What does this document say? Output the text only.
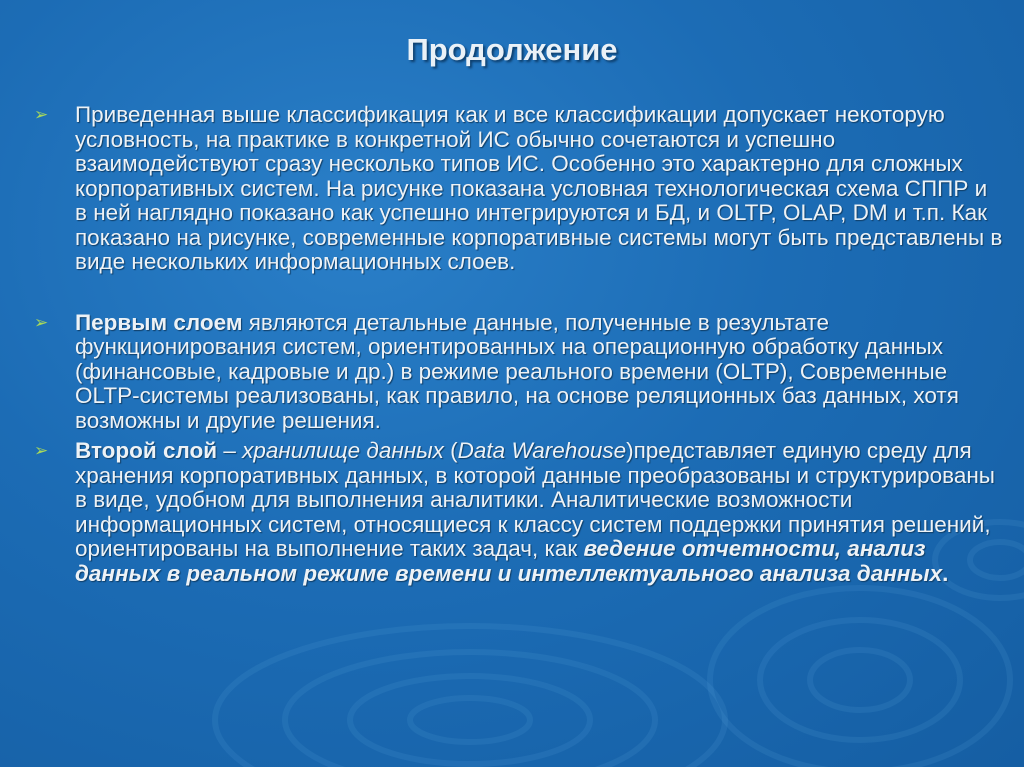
Продолжение
➢ Приведенная выше классификация как и все классификации допускает некоторую условность, на практике в конкретной ИС обычно сочетаются и успешно взаимодействуют сразу несколько типов ИС. Особенно это характерно для сложных корпоративных систем. На рисунке показана условная технологическая схема СППР и в ней наглядно показано как успешно интегрируются и БД, и OLTP, OLAP, DM и т.п. Как показано на рисунке, современные корпоративные системы могут быть представлены в виде нескольких информационных слоев.
➢ Первым слоем являются детальные данные, полученные в результате функционирования систем, ориентированных на операционную обработку данных (финансовые, кадровые и др.) в режиме реального времени (OLTP), Современные OLTP-системы реализованы, как правило, на основе реляционных баз данных, хотя возможны и другие решения.
➢ Второй слой – хранилище данных (Data Warehouse)представляет единую среду для хранения корпоративных данных, в которой данные преобразованы и структурированы в виде, удобном для выполнения аналитики. Аналитические возможности информационных систем, относящиеся к классу систем поддержки принятия решений, ориентированы на выполнение таких задач, как ведение отчетности, анализ данных в реальном режиме времени и интеллектуального анализа данных.
